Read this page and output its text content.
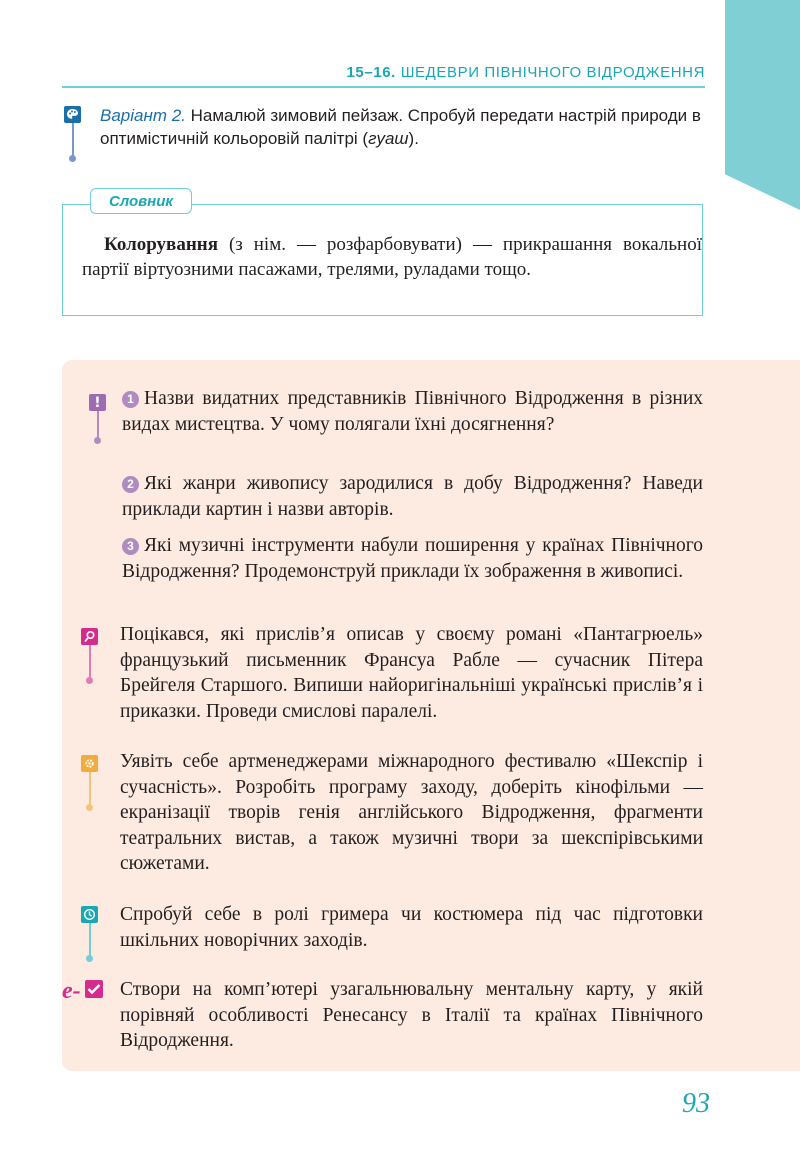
15–16. ШЕДЕВРИ ПІВНІЧНОГО ВІДРОДЖЕННЯ
Варіант 2. Намалюй зимовий пейзаж. Спробуй передати настрій природи в оптимістичній кольоровій палітрі (гуаш).
Словник
Колорування (з нім. — розфарбовувати) — прикрашання вокальної партії віртуозними пасажами, трелями, руладами тощо.
!	1 Назви видатних представників Північного Відродження в різних видах мистецтва. У чому полягали їхні досягнення?
2 Які жанри живопису зародилися в добу Відродження? Наведи приклади картин і назви авторів.
3 Які музичні інструменти набули поширення у країнах Північного Відродження? Продемонструй приклади їх зображення в живописі.
Поцікався, які прислів’я описав у своєму романі «Пантагрюель» французький письменник Франсуа Рабле — сучасник Пітера Брейгеля Старшого. Випиши найоригінальніші українські прислів’я і приказки. Проведи смислові паралелі.
Уявіть себе артменеджерами міжнародного фестивалю «Шекспір і сучасність». Розробіть програму заходу, доберіть кінофільми — екранізації творів генія англійського Відродження, фрагменти театральних вистав, а також музичні твори за шекспірівськими сюжетами.
Спробуй себе в ролі гримера чи костюмера під час підготовки шкільних новорічних заходів.
e- Створи на комп’ютері узагальнювальну ментальну карту, у якій порівняй особливості Ренесансу в Італії та країнах Північного Відродження.
93
